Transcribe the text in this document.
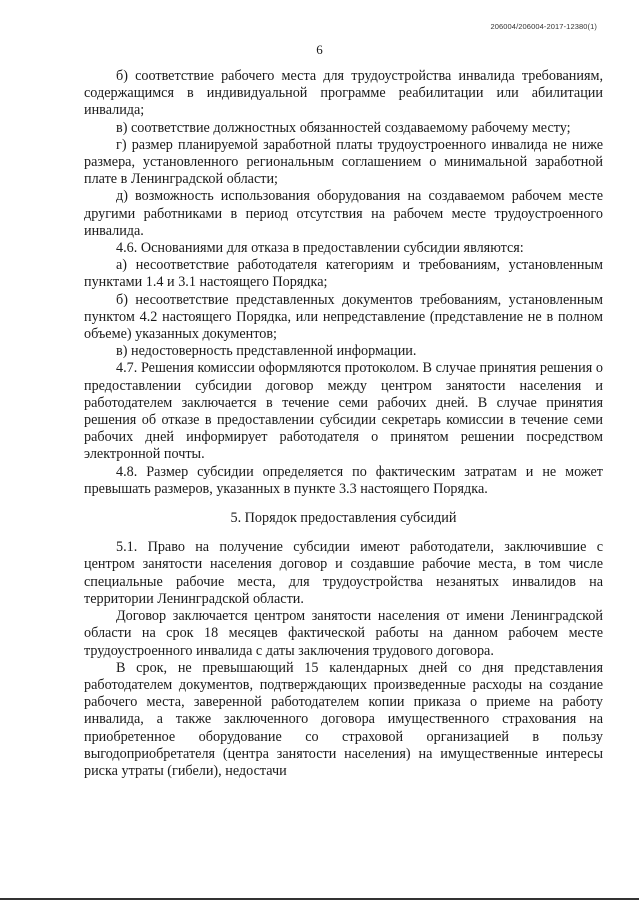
206004/206004-2017-12380(1)
6

б) соответствие рабочего места для трудоустройства инвалида требованиям, содержащимся в индивидуальной программе реабилитации или абилитации инвалида;

в) соответствие должностных обязанностей создаваемому рабочему месту;

г) размер планируемой заработной платы трудоустроенного инвалида не ниже размера, установленного региональным соглашением о минимальной заработной плате в Ленинградской области;

д) возможность использования оборудования на создаваемом рабочем месте другими работниками в период отсутствия на рабочем месте трудоустроенного инвалида.

4.6. Основаниями для отказа в предоставлении субсидии являются:

а) несоответствие работодателя категориям и требованиям, установленным пунктами 1.4 и 3.1 настоящего Порядка;

б) несоответствие представленных документов требованиям, установленным пунктом 4.2 настоящего Порядка, или непредставление (представление не в полном объеме) указанных документов;

в) недостоверность представленной информации.

4.7. Решения комиссии оформляются протоколом. В случае принятия решения о предоставлении субсидии договор между центром занятости населения и работодателем заключается в течение семи рабочих дней. В случае принятия решения об отказе в предоставлении субсидии секретарь комиссии в течение семи рабочих дней информирует работодателя о принятом решении посредством электронной почты.

4.8. Размер субсидии определяется по фактическим затратам и не может превышать размеров, указанных в пункте 3.3 настоящего Порядка.

5. Порядок предоставления субсидий

5.1. Право на получение субсидии имеют работодатели, заключившие с центром занятости населения договор и создавшие рабочие места, в том числе специальные рабочие места, для трудоустройства незанятых инвалидов на территории Ленинградской области.

Договор заключается центром занятости населения от имени Ленинградской области на срок 18 месяцев фактической работы на данном рабочем месте трудоустроенного инвалида с даты заключения трудового договора.

В срок, не превышающий 15 календарных дней со дня представления работодателем документов, подтверждающих произведенные расходы на создание рабочего места, заверенной работодателем копии приказа о приеме на работу инвалида, а также заключенного договора имущественного страхования на приобретенное оборудование со страховой организацией в пользу выгодоприобретателя (центра занятости населения) на имущественные интересы риска утраты (гибели), недостачи
